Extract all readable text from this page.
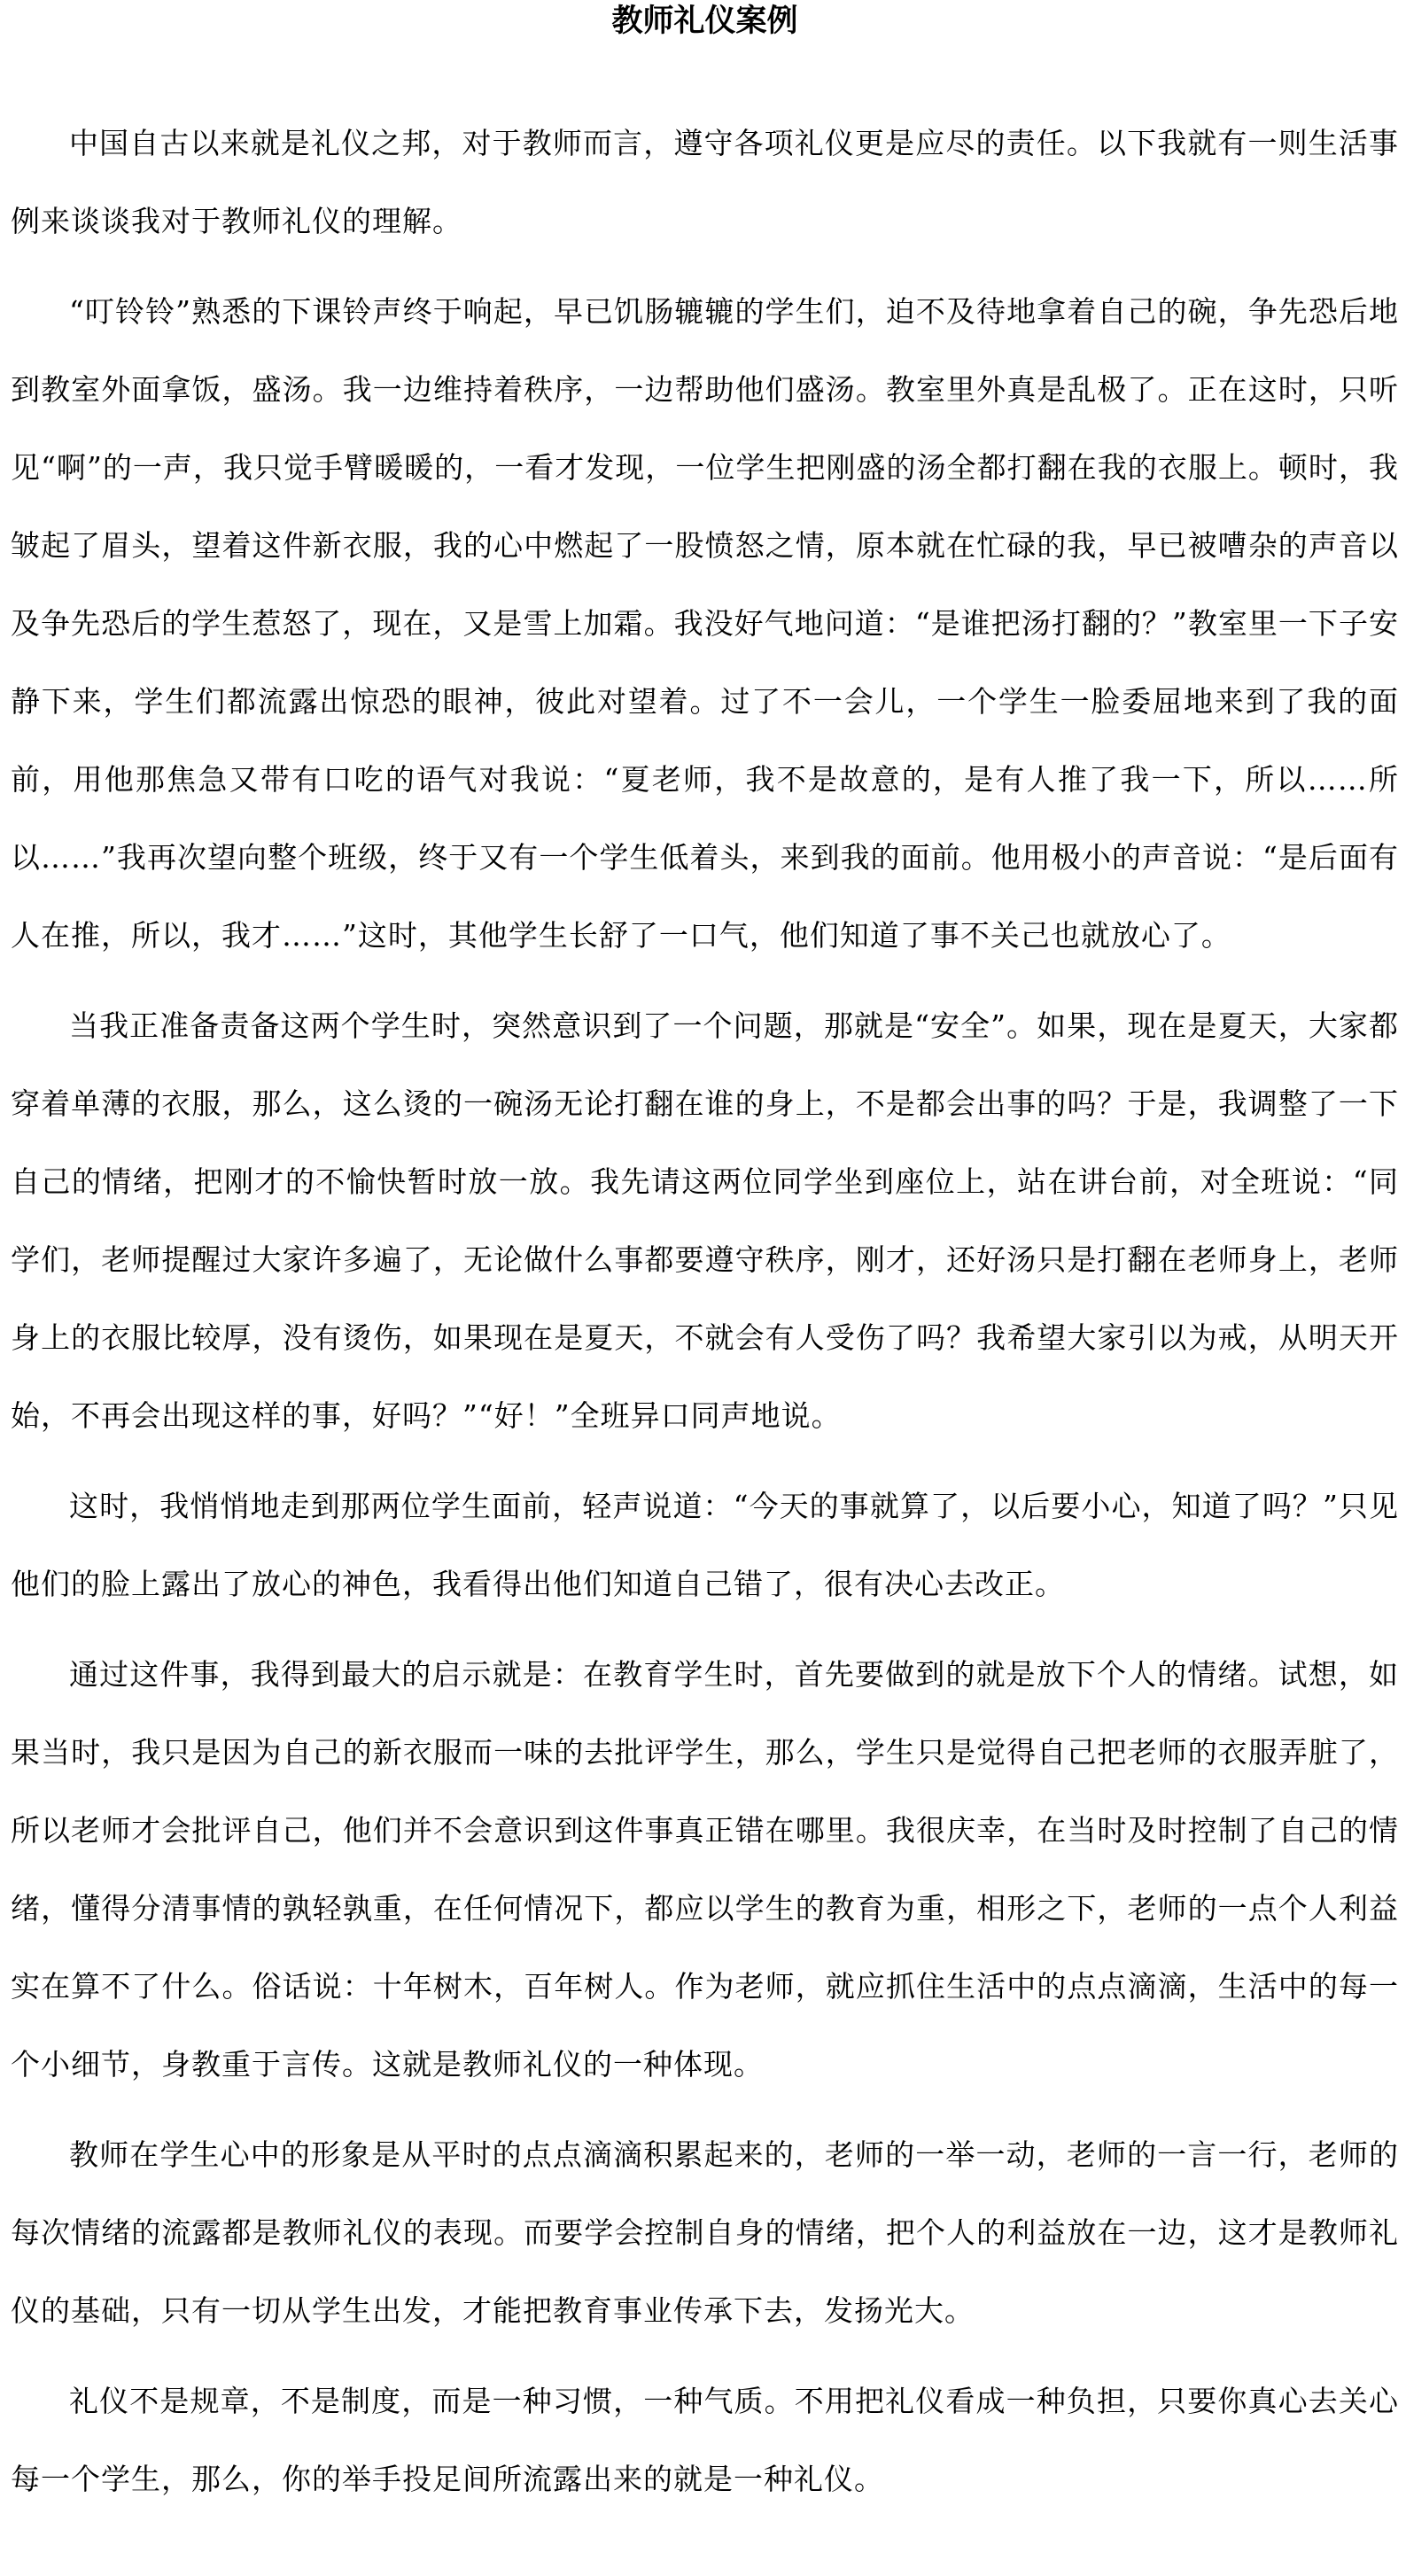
教师礼仪案例

中国自古以来就是礼仪之邦，对于教师而言，遵守各项礼仪更是应尽的责任。以下我就有一则生活事例来谈谈我对于教师礼仪的理解。

“叮铃铃”熟悉的下课铃声终于响起，早已饥肠辘辘的学生们，迫不及待地拿着自己的碗，争先恐后地到教室外面拿饭，盛汤。我一边维持着秩序，一边帮助他们盛汤。教室里外真是乱极了。正在这时，只听见“啊”的一声，我只觉手臂暖暖的，一看才发现，一位学生把刚盛的汤全都打翻在我的衣服上。顿时，我皱起了眉头，望着这件新衣服，我的心中燃起了一股愤怒之情，原本就在忙碌的我，早已被嘈杂的声音以及争先恐后的学生惹怒了，现在，又是雪上加霜。我没好气地问道：“是谁把汤打翻的？”教室里一下子安静下来，学生们都流露出惊恐的眼神，彼此对望着。过了不一会儿，一个学生一脸委屈地来到了我的面前，用他那焦急又带有口吃的语气对我说：“夏老师，我不是故意的，是有人推了我一下，所以……所以……”我再次望向整个班级，终于又有一个学生低着头，来到我的面前。他用极小的声音说：“是后面有人在推，所以，我才……”这时，其他学生长舒了一口气，他们知道了事不关己也就放心了。

当我正准备责备这两个学生时，突然意识到了一个问题，那就是“安全”。如果，现在是夏天，大家都穿着单薄的衣服，那么，这么烫的一碗汤无论打翻在谁的身上，不是都会出事的吗？于是，我调整了一下自己的情绪，把刚才的不愉快暂时放一放。我先请这两位同学坐到座位上，站在讲台前，对全班说：“同学们，老师提醒过大家许多遍了，无论做什么事都要遵守秩序，刚才，还好汤只是打翻在老师身上，老师身上的衣服比较厚，没有烫伤，如果现在是夏天，不就会有人受伤了吗？我希望大家引以为戒，从明天开始，不再会出现这样的事，好吗？”“好！”全班异口同声地说。

这时，我悄悄地走到那两位学生面前，轻声说道：“今天的事就算了，以后要小心，知道了吗？”只见他们的脸上露出了放心的神色，我看得出他们知道自己错了，很有决心去改正。

通过这件事，我得到最大的启示就是：在教育学生时，首先要做到的就是放下个人的情绪。试想，如果当时，我只是因为自己的新衣服而一味的去批评学生，那么，学生只是觉得自己把老师的衣服弄脏了，所以老师才会批评自己，他们并不会意识到这件事真正错在哪里。我很庆幸，在当时及时控制了自己的情绪，懂得分清事情的孰轻孰重，在任何情况下，都应以学生的教育为重，相形之下，老师的一点个人利益实在算不了什么。俗话说：十年树木，百年树人。作为老师，就应抓住生活中的点点滴滴，生活中的每一个小细节，身教重于言传。这就是教师礼仪的一种体现。

教师在学生心中的形象是从平时的点点滴滴积累起来的，老师的一举一动，老师的一言一行，老师的每次情绪的流露都是教师礼仪的表现。而要学会控制自身的情绪，把个人的利益放在一边，这才是教师礼仪的基础，只有一切从学生出发，才能把教育事业传承下去，发扬光大。

礼仪不是规章，不是制度，而是一种习惯，一种气质。不用把礼仪看成一种负担，只要你真心去关心每一个学生，那么，你的举手投足间所流露出来的就是一种礼仪。
